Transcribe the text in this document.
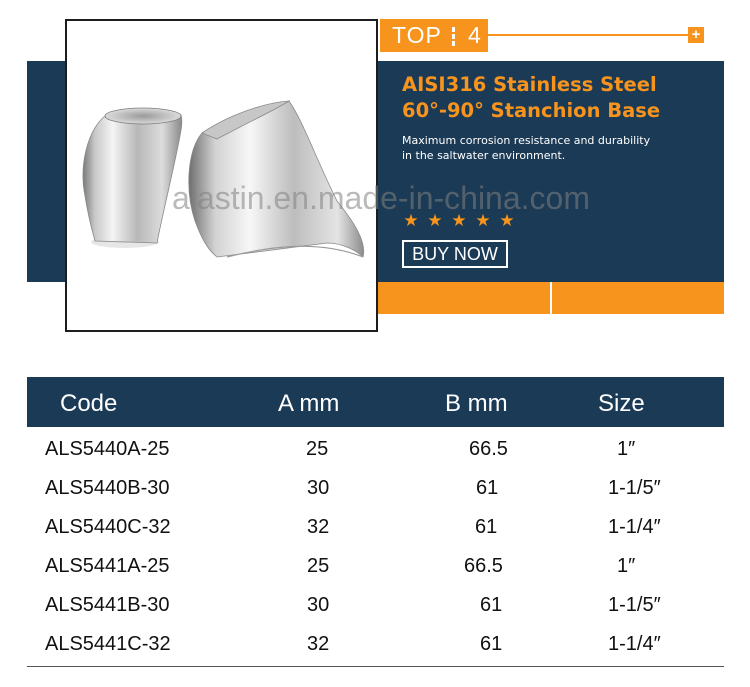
TOP 4	+
AISI316 Stainless Steel
60°-90° Stanchion Base

Maximum corrosion resistance and durability
in the saltwater environment.

★ ★ ★ ★ ★
BUY NOW
alastin.en.made-in-china.com
Code	A mm	B mm	Size
ALS5440A-25	25	66.5	1″
ALS5440B-30	30	61	1-1/5″
ALS5440C-32	32	61	1-1/4″
ALS5441A-25	25	66.5	1″
ALS5441B-30	30	61	1-1/5″
ALS5441C-32	32	61	1-1/4″
